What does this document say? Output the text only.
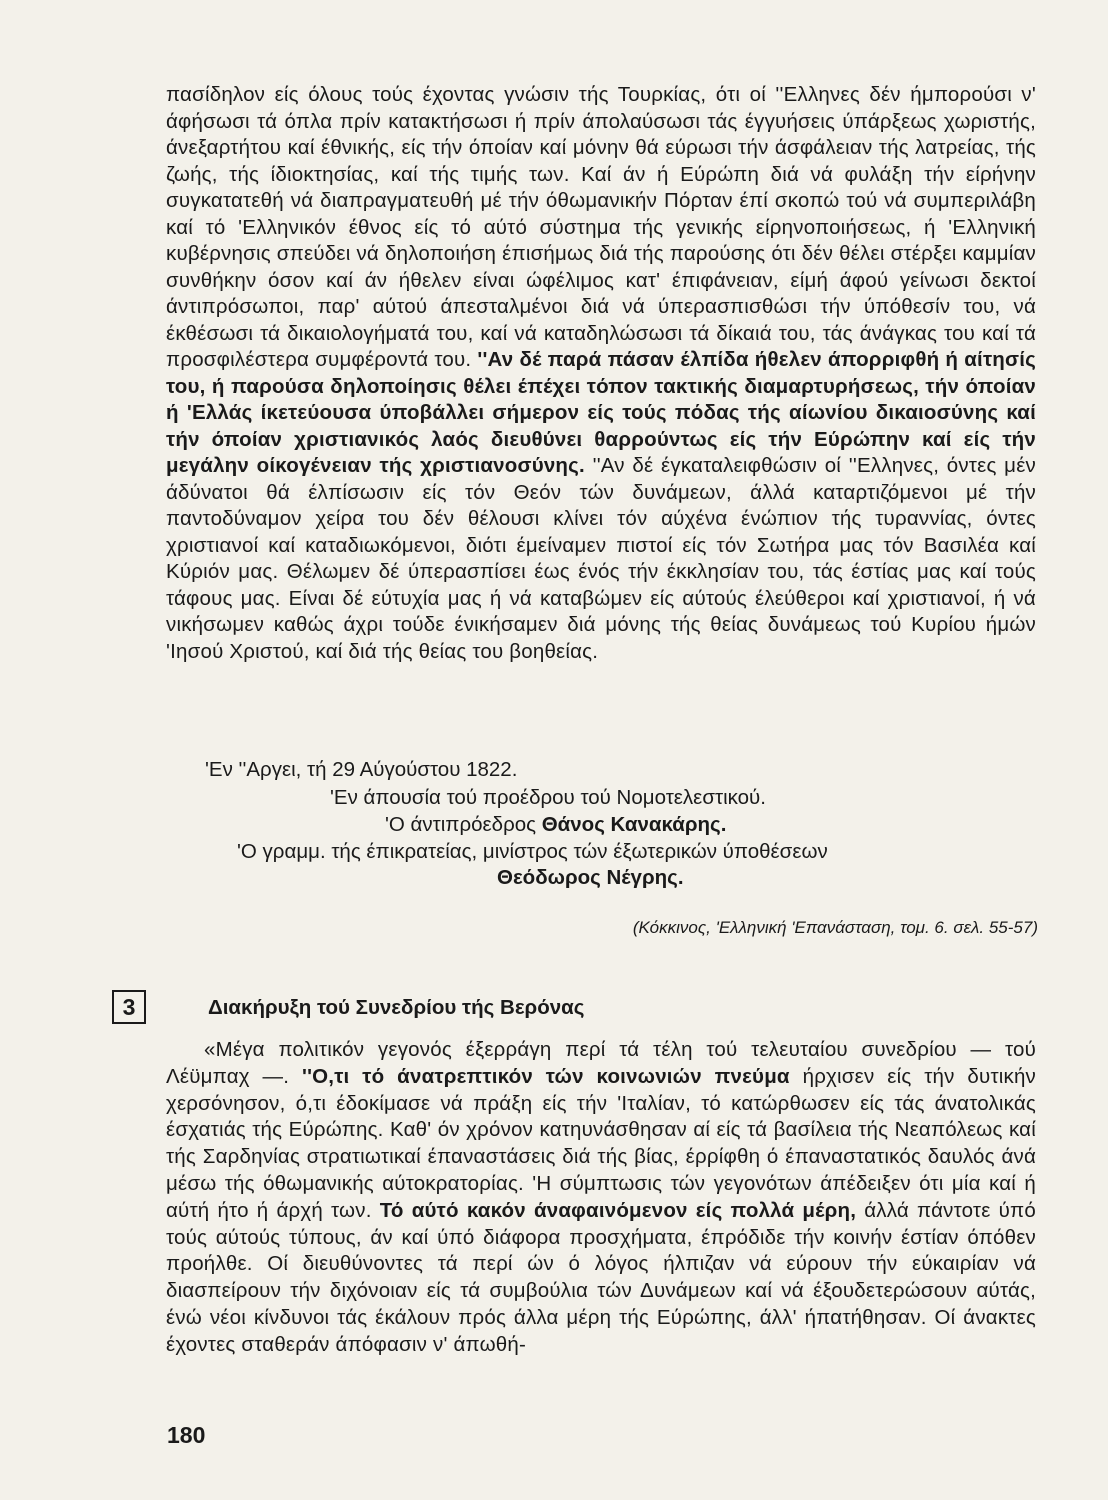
πασίδηλον είς όλους τούς έχοντας γνώσιν τής Τουρκίας, ότι οί ''Ελληνες δέν ήμπορούσι ν' άφήσωσι τά όπλα πρίν κατακτήσωσι ή πρίν άπολαύσωσι τάς έγγυήσεις ύπάρξεως χωριστής, άνεξαρτήτου καί έθνικής, είς τήν όποίαν καί μόνην θά εύρωσι τήν άσφάλειαν τής λατρείας, τής ζωής, τής ίδιοκτησίας, καί τής τιμής των. Καί άν ή Εύρώπη διά νά φυλάξη τήν είρήνην συγκατατεθή νά διαπραγματευθή μέ τήν όθωμανικήν Πόρταν έπί σκοπώ τού νά συμπεριλάβη καί τό 'Ελληνικόν έθνος είς τό αύτό σύστημα τής γενικής είρηνοποιήσεως, ή 'Ελληνική κυβέρνησις σπεύδει νά δηλοποιήση έπισήμως διά τής παρούσης ότι δέν θέλει στέρξει καμμίαν συνθήκην όσον καί άν ήθελεν είναι ώφέλιμος κατ' έπιφάνειαν, είμή άφού γείνωσι δεκτοί άντιπρόσωποι, παρ' αύτού άπεσταλμένοι διά νά ύπερασπισθώσι τήν ύπόθεσίν του, νά έκθέσωσι τά δικαιολογήματά του, καί νά καταδηλώσωσι τά δίκαιά του, τάς άνάγκας του καί τά προσφιλέστερα συμφέροντά του. ''Αν δέ παρά πάσαν έλπίδα ήθελεν άπορριφθή ή αίτησίς του, ή παρούσα δηλοποίησις θέλει έπέχει τόπον τακτικής διαμαρτυρήσεως, τήν όποίαν ή 'Ελλάς ίκετεύουσα ύποβάλλει σήμερον είς τούς πόδας τής αίωνίου δικαιοσύνης καί τήν όποίαν χριστιανικός λαός διευθύνει θαρρούντως είς τήν Εύρώπην καί είς τήν μεγάλην οίκογένειαν τής χριστιανοσύνης. ''Αν δέ έγκαταλειφθώσιν οί ''Ελληνες, όντες μέν άδύνατοι θά έλπίσωσιν είς τόν Θεόν τών δυνάμεων, άλλά καταρτιζόμενοι μέ τήν παντοδύναμον χείρα του δέν θέλουσι κλίνει τόν αύχένα ένώπιον τής τυραννίας, όντες χριστιανοί καί καταδιωκόμενοι, διότι έμείναμεν πιστοί είς τόν Σωτήρα μας τόν Βασιλέα καί Κύριόν μας. Θέλωμεν δέ ύπερασπίσει έως ένός τήν έκκλησίαν του, τάς έστίας μας καί τούς τάφους μας. Είναι δέ εύτυχία μας ή νά καταβώμεν είς αύτούς έλεύθεροι καί χριστιανοί, ή νά νικήσωμεν καθώς άχρι τούδε ένικήσαμεν διά μόνης τής θείας δυνάμεως τού Κυρίου ήμών 'Ιησού Χριστού, καί διά τής θείας του βοηθείας.

'Εν ''Αργει, τή 29 Αύγούστου 1822.
'Εν άπουσία τού προέδρου τού Νομοτελεστικού.
'Ο άντιπρόεδρος Θάνος Κανακάρης.
'Ο γραμμ. τής έπικρατείας, μινίστρος τών έξωτερικών ύποθέσεων
Θεόδωρος Νέγρης.
(Κόκκινος, 'Ελληνική 'Επανάσταση, τομ. 6. σελ. 55-57)
3	Διακήρυξη τού Συνεδρίου τής Βερόνας

«Μέγα πολιτικόν γεγονός έξερράγη περί τά τέλη τού τελευταίου συνεδρίου — τού Λέϋμπαχ —. ''Ο,τι τό άνατρεπτικόν τών κοινωνιών πνεύμα ήρχισεν είς τήν δυτικήν χερσόνησον, ό,τι έδοκίμασε νά πράξη είς τήν 'Ιταλίαν, τό κατώρθωσεν είς τάς άνατολικάς έσχατιάς τής Εύρώπης. Καθ' όν χρόνον κατηυνάσθησαν αί είς τά βασίλεια τής Νεαπόλεως καί τής Σαρδηνίας στρατιωτικαί έπαναστάσεις διά τής βίας, έρρίφθη ό έπαναστατικός δαυλός άνά μέσω τής όθωμανικής αύτοκρατορίας. 'Η σύμπτωσις τών γεγονότων άπέδειξεν ότι μία καί ή αύτή ήτο ή άρχή των. Τό αύτό κακόν άναφαινόμενον είς πολλά μέρη, άλλά πάντοτε ύπό τούς αύτούς τύπους, άν καί ύπό διάφορα προσχήματα, έπρόδιδε τήν κοινήν έστίαν όπόθεν προήλθε. Οί διευθύνοντες τά περί ών ό λόγος ήλπιζαν νά εύρουν τήν εύκαιρίαν νά διασπείρουν τήν διχόνοιαν είς τά συμβούλια τών Δυνάμεων καί νά έξουδετερώσουν αύτάς, ένώ νέοι κίνδυνοι τάς έκάλουν πρός άλλα μέρη τής Εύρώπης, άλλ' ήπατήθησαν. Οί άνακτες έχοντες σταθεράν άπόφασιν ν' άπωθή-

180
